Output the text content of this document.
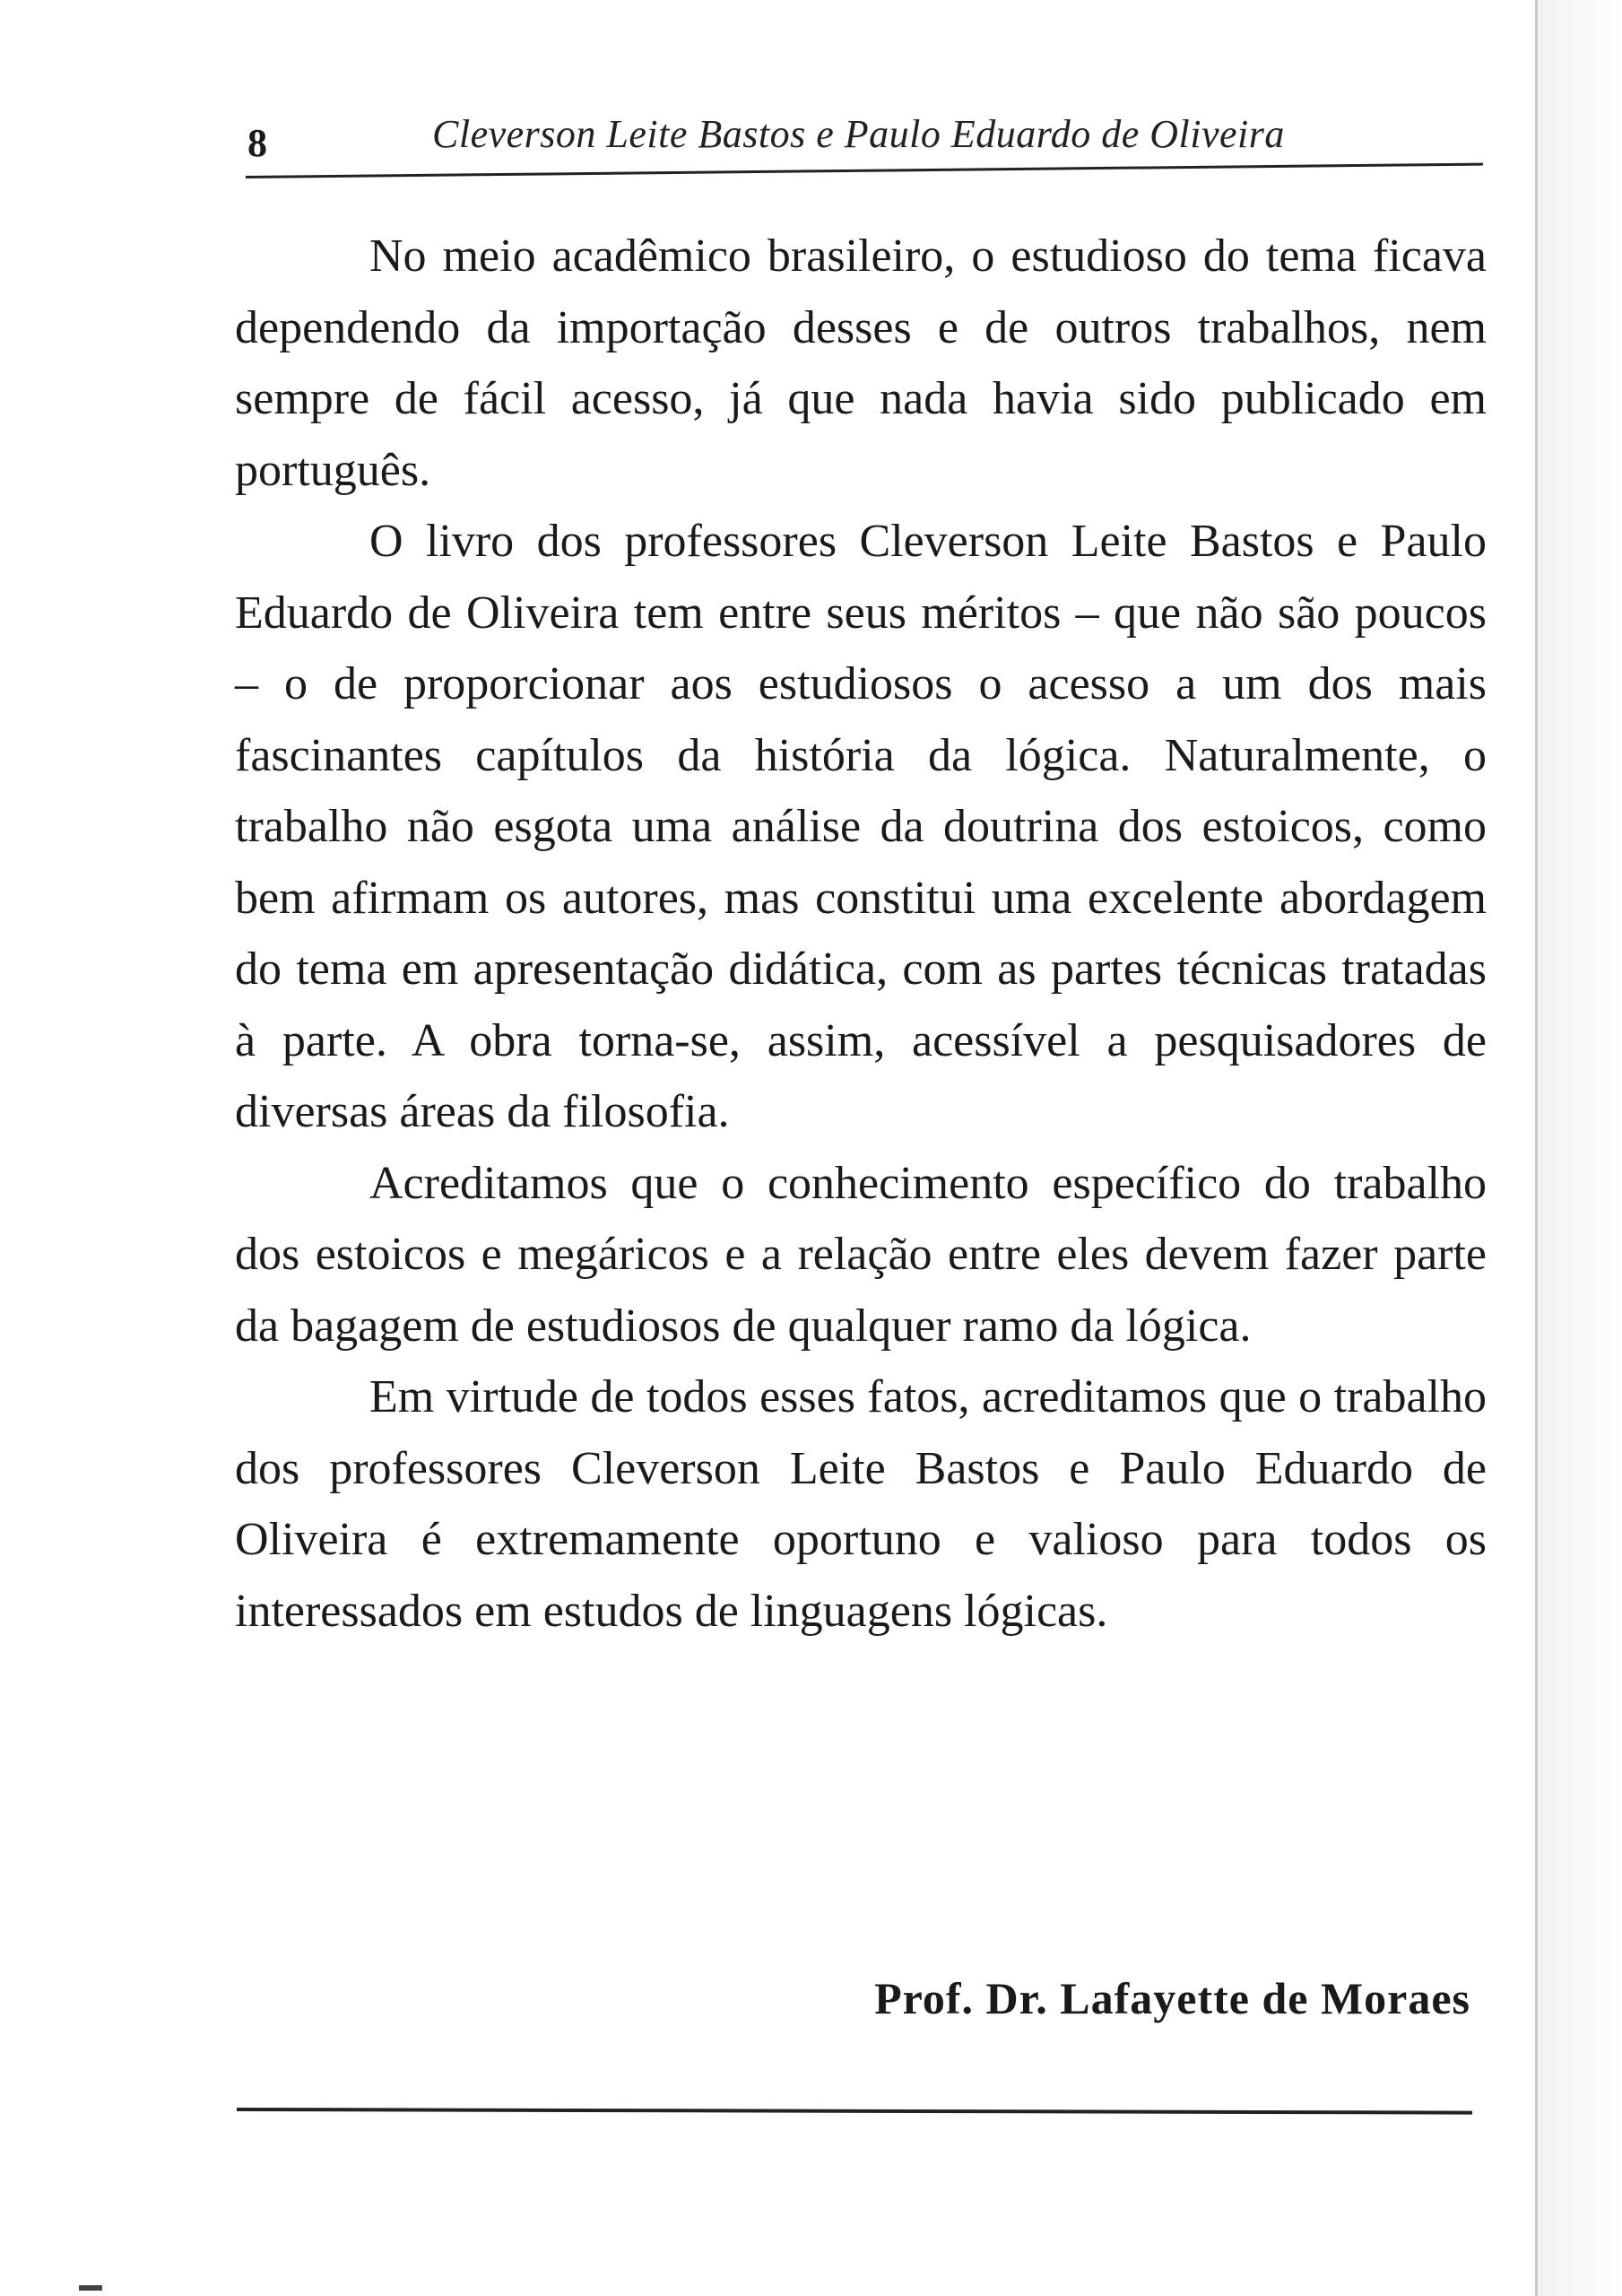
8	Cleverson Leite Bastos e Paulo Eduardo de Oliveira

No meio acadêmico brasileiro, o estudioso do tema ficava dependendo da importação desses e de outros trabalhos, nem sempre de fácil acesso, já que nada havia sido publicado em português.

O livro dos professores Cleverson Leite Bastos e Paulo Eduardo de Oliveira tem entre seus méritos – que não são poucos – o de proporcionar aos estudiosos o acesso a um dos mais fascinantes capítulos da história da lógica. Naturalmente, o trabalho não esgota uma análise da doutrina dos estoicos, como bem afirmam os autores, mas constitui uma excelente abordagem do tema em apresentação didática, com as partes técnicas tratadas à parte. A obra torna-se, assim, acessível a pesquisadores de diversas áreas da filosofia.

Acreditamos que o conhecimento específico do trabalho dos estoicos e megáricos e a relação entre eles devem fazer parte da bagagem de estudiosos de qualquer ramo da lógica.

Em virtude de todos esses fatos, acreditamos que o trabalho dos professores Cleverson Leite Bastos e Paulo Eduardo de Oliveira é extremamente oportuno e valioso para todos os interessados em estudos de linguagens lógicas.

Prof. Dr. Lafayette de Moraes
